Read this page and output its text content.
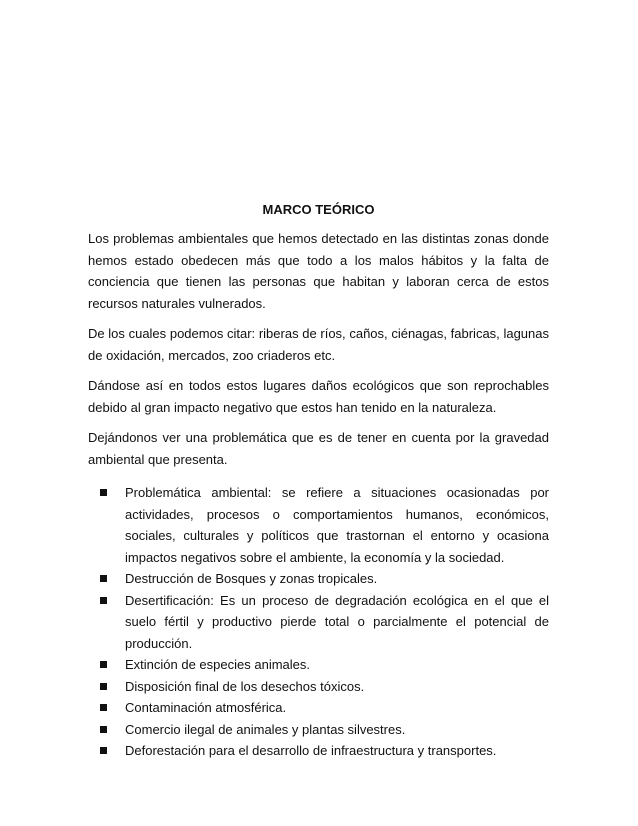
MARCO TEÓRICO

Los problemas ambientales que hemos detectado en las distintas zonas donde hemos estado obedecen más que todo a los malos hábitos y la falta de conciencia que tienen las personas que habitan y laboran cerca de estos recursos naturales vulnerados.

De los cuales podemos citar: riberas de ríos, caños, ciénagas, fabricas, lagunas de oxidación, mercados, zoo criaderos etc.

Dándose así en todos estos lugares daños ecológicos que son reprochables debido al gran impacto negativo que estos han tenido en la naturaleza.

Dejándonos ver una problemática que es de tener en cuenta por la gravedad ambiental que presenta.

Problemática ambiental: se refiere a situaciones ocasionadas por actividades, procesos o comportamientos humanos, económicos, sociales, culturales y políticos que trastornan el entorno y ocasiona impactos negativos sobre el ambiente, la economía y la sociedad.
Destrucción de Bosques y zonas tropicales.
Desertificación: Es un proceso de degradación ecológica en el que el suelo fértil y productivo pierde total o parcialmente el potencial de producción.
Extinción de especies animales.
Disposición final de los desechos tóxicos.
Contaminación atmosférica.
Comercio ilegal de animales y plantas silvestres.
Deforestación para el desarrollo de infraestructura y transportes.
